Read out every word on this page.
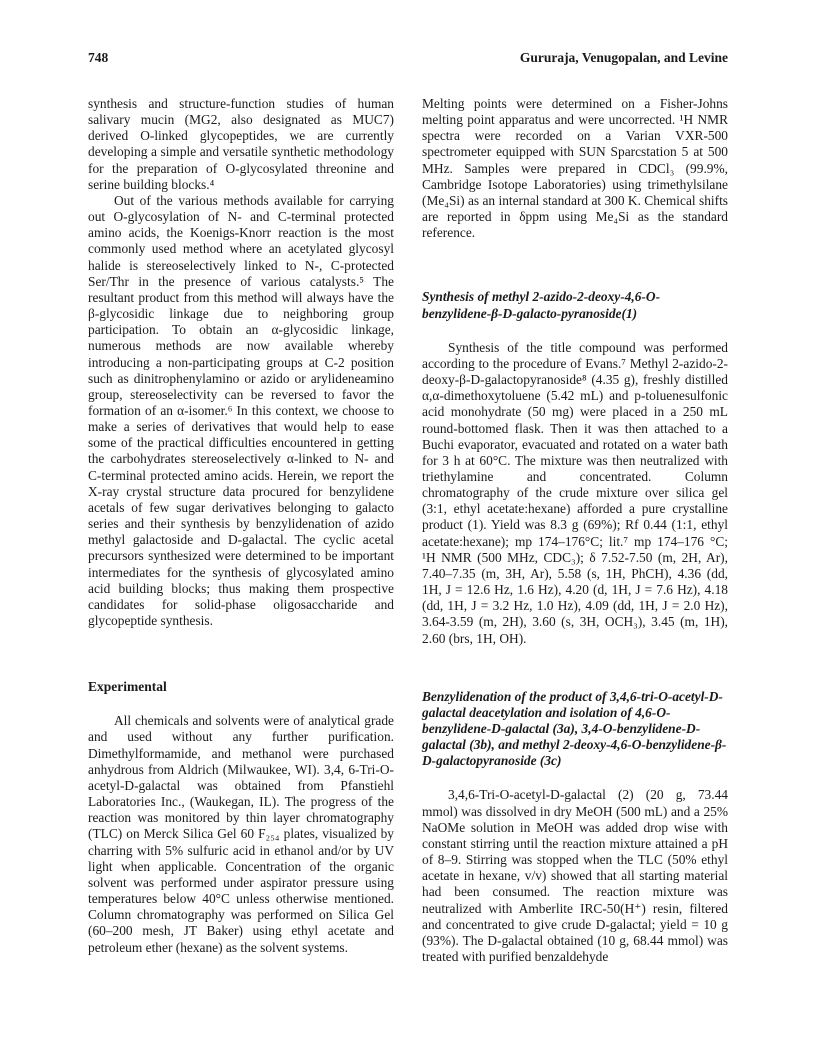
748	Gururaja, Venugopalan, and Levine

synthesis and structure-function studies of human salivary mucin (MG2, also designated as MUC7) derived O-linked glycopeptides, we are currently developing a simple and versatile synthetic methodology for the preparation of O-glycosylated threonine and serine building blocks.⁴

Out of the various methods available for carrying out O-glycosylation of N- and C-terminal protected amino acids, the Koenigs-Knorr reaction is the most commonly used method where an acetylated glycosyl halide is stereoselectively linked to N-, C-protected Ser/Thr in the presence of various catalysts.⁵ The resultant product from this method will always have the β-glycosidic linkage due to neighboring group participation. To obtain an α-glycosidic linkage, numerous methods are now available whereby introducing a non-participating groups at C-2 position such as dinitrophenylamino or azido or arylideneamino group, stereoselectivity can be reversed to favor the formation of an α-isomer.⁶ In this context, we choose to make a series of derivatives that would help to ease some of the practical difficulties encountered in getting the carbohydrates stereoselectively α-linked to N- and C-terminal protected amino acids. Herein, we report the X-ray crystal structure data procured for benzylidene acetals of few sugar derivatives belonging to galacto series and their synthesis by benzylidenation of azido methyl galactoside and D-galactal. The cyclic acetal precursors synthesized were determined to be important intermediates for the synthesis of glycosylated amino acid building blocks; thus making them prospective candidates for solid-phase oligosaccharide and glycopeptide synthesis.

Experimental

All chemicals and solvents were of analytical grade and used without any further purification. Dimethylformamide, and methanol were purchased anhydrous from Aldrich (Milwaukee, WI). 3,4, 6-Tri-O-acetyl-D-galactal was obtained from Pfanstiehl Laboratories Inc., (Waukegan, IL). The progress of the reaction was monitored by thin layer chromatography (TLC) on Merck Silica Gel 60 F₂₅₄ plates, visualized by charring with 5% sulfuric acid in ethanol and/or by UV light when applicable. Concentration of the organic solvent was performed under aspirator pressure using temperatures below 40°C unless otherwise mentioned. Column chromatography was performed on Silica Gel (60–200 mesh, JT Baker) using ethyl acetate and petroleum ether (hexane) as the solvent systems.

Melting points were determined on a Fisher-Johns melting point apparatus and were uncorrected. ¹H NMR spectra were recorded on a Varian VXR-500 spectrometer equipped with SUN Sparcstation 5 at 500 MHz. Samples were prepared in CDCl₃ (99.9%, Cambridge Isotope Laboratories) using trimethylsilane (Me₄Si) as an internal standard at 300 K. Chemical shifts are reported in δppm using Me₄Si as the standard reference.

Synthesis of methyl 2-azido-2-deoxy-4,6-O-benzylidene-β-D-galacto-pyranoside(1)

Synthesis of the title compound was performed according to the procedure of Evans.⁷ Methyl 2-azido-2-deoxy-β-D-galactopyranoside⁸ (4.35 g), freshly distilled α,α-dimethoxytoluene (5.42 mL) and p-toluenesulfonic acid monohydrate (50 mg) were placed in a 250 mL round-bottomed flask. Then it was then attached to a Buchi evaporator, evacuated and rotated on a water bath for 3 h at 60°C. The mixture was then neutralized with triethylamine and concentrated. Column chromatography of the crude mixture over silica gel (3:1, ethyl acetate:hexane) afforded a pure crystalline product (1). Yield was 8.3 g (69%); Rf 0.44 (1:1, ethyl acetate:hexane); mp 174–176°C; lit.⁷ mp 174–176 °C; ¹H NMR (500 MHz, CDC₃); δ 7.52-7.50 (m, 2H, Ar), 7.40–7.35 (m, 3H, Ar), 5.58 (s, 1H, PhCH), 4.36 (dd, 1H, J = 12.6 Hz, 1.6 Hz), 4.20 (d, 1H, J = 7.6 Hz), 4.18 (dd, 1H, J = 3.2 Hz, 1.0 Hz), 4.09 (dd, 1H, J = 2.0 Hz), 3.64-3.59 (m, 2H), 3.60 (s, 3H, OCH₃), 3.45 (m, 1H), 2.60 (brs, 1H, OH).

Benzylidenation of the product of 3,4,6-tri-O-acetyl-D-galactal deacetylation and isolation of 4,6-O-benzylidene-D-galactal (3a), 3,4-O-benzylidene-D-galactal (3b), and methyl 2-deoxy-4,6-O-benzylidene-β-D-galactopyranoside (3c)

3,4,6-Tri-O-acetyl-D-galactal (2) (20 g, 73.44 mmol) was dissolved in dry MeOH (500 mL) and a 25% NaOMe solution in MeOH was added drop wise with constant stirring until the reaction mixture attained a pH of 8–9. Stirring was stopped when the TLC (50% ethyl acetate in hexane, v/v) showed that all starting material had been consumed. The reaction mixture was neutralized with Amberlite IRC-50(H⁺) resin, filtered and concentrated to give crude D-galactal; yield = 10 g (93%). The D-galactal obtained (10 g, 68.44 mmol) was treated with purified benzaldehyde
